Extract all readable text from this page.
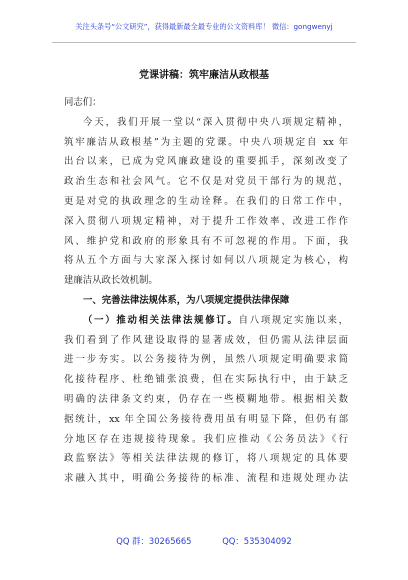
关注头条号“公文研究”，获得最新最全最专业的公文资料库！ 微信：gongwenyj
党课讲稿：筑牢廉洁从政根基
同志们：
今天，我们开展一堂以“深入贯彻中央八项规定精神，
筑牢廉洁从政根基”为主题的党课。中央八项规定自 xx 年
出台以来，已成为党风廉政建设的重要抓手，深刻改变了
政治生态和社会风气。它不仅是对党员干部行为的规范，
更是对党的执政理念的生动诠释。在我们的日常工作中，
深入贯彻八项规定精神，对于提升工作效率、改进工作作
风、维护党和政府的形象具有不可忽视的作用。下面，我
将从五个方面与大家深入探讨如何以八项规定为核心，构
建廉洁从政长效机制。
一、完善法律法规体系，为八项规定提供法律保障
（一）推动相关法律法规修订。自八项规定实施以来，
我们看到了作风建设取得的显著成效，但仍需从法律层面
进一步夯实。以公务接待为例，虽然八项规定明确要求简
化接待程序、杜绝铺张浪费，但在实际执行中，由于缺乏
明确的法律条文约束，仍存在一些模糊地带。根据相关数
据统计，xx 年全国公务接待费用虽有明显下降，但仍有部
分地区存在违规接待现象。我们应推动《公务员法》《行
政监察法》等相关法律法规的修订，将八项规定的具体要
求融入其中，明确公务接待的标准、流程和违规处理办法
QQ 群：30265665	QQ：535304092
